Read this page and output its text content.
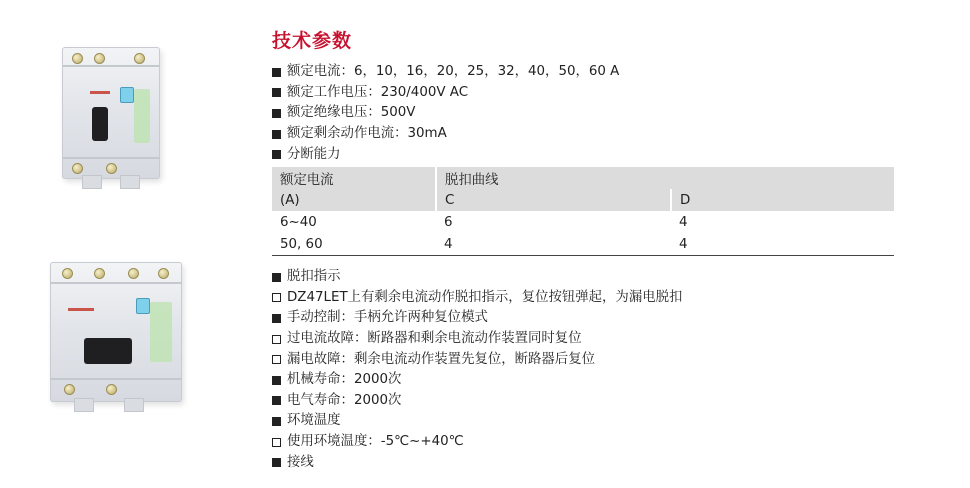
技术参数
额定电流：6，10，16，20，25，32，40，50，60 A
额定工作电压：230/400V AC
额定绝缘电压：500V
额定剩余动作电流：30mA
分断能力
额定电流	脱扣曲线	
(A)	C	D
6~40	6	4
50, 60	4	4
脱扣指示
DZ47LET上有剩余电流动作脱扣指示，复位按钮弹起，为漏电脱扣
手动控制：手柄允许两种复位模式
过电流故障：断路器和剩余电流动作装置同时复位
漏电故障：剩余电流动作装置先复位，断路器后复位
机械寿命：2000次
电气寿命：2000次
环境温度
使用环境温度：-5℃~+40℃
接线
